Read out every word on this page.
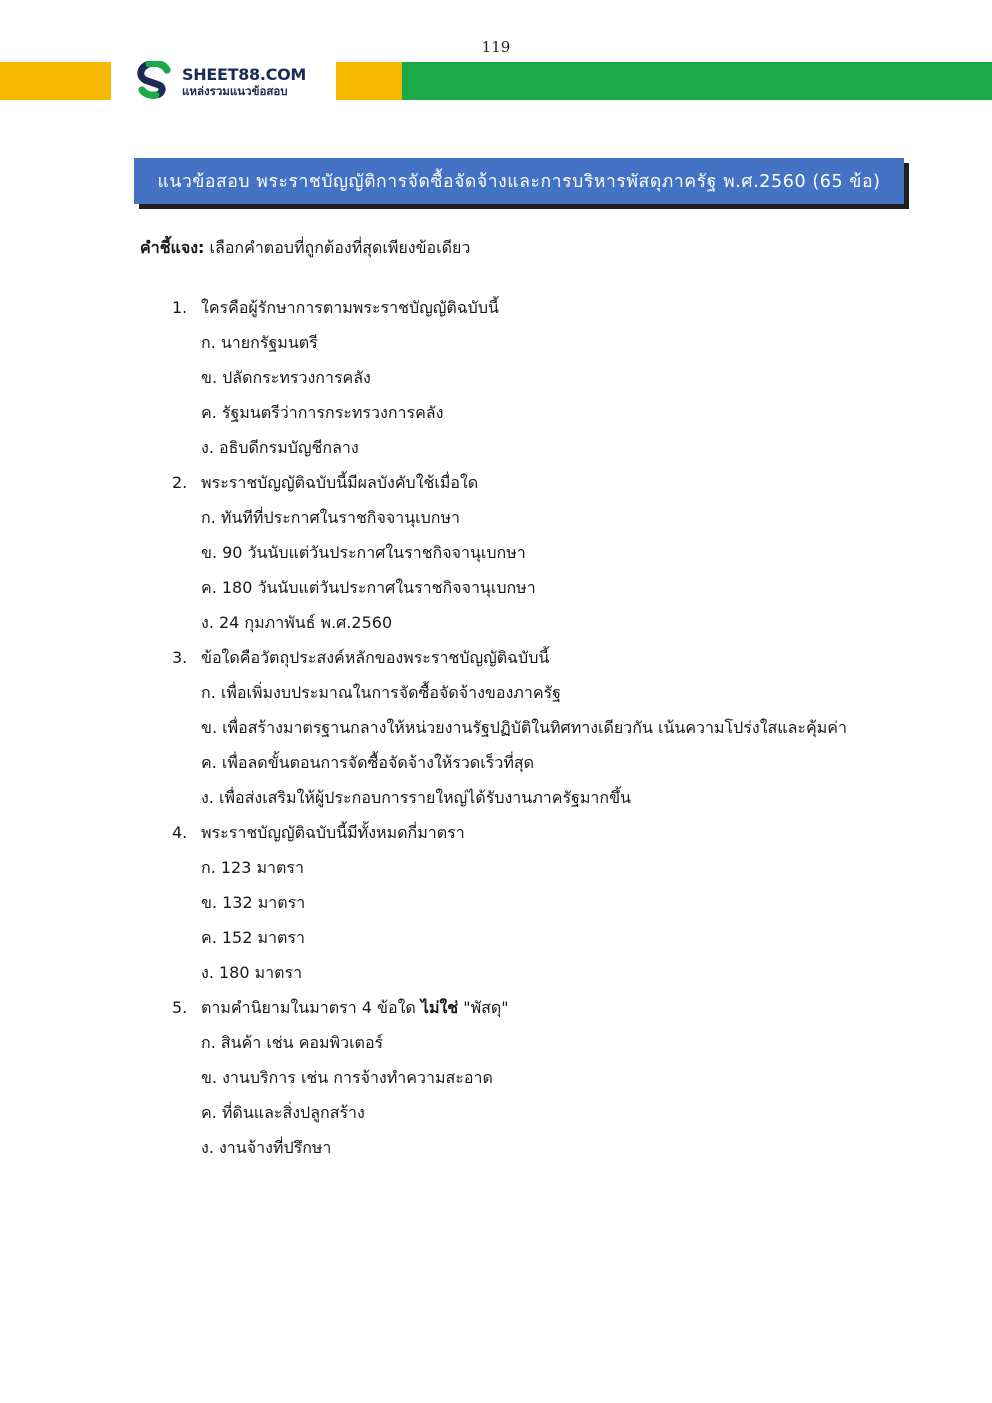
119
SHEET88.COM
แหล่งรวมแนวข้อสอบ
แนวข้อสอบ พระราชบัญญัติการจัดซื้อจัดจ้างและการบริหารพัสดุภาครัฐ พ.ศ.2560 (65 ข้อ)
คำชี้แจง: เลือกคำตอบที่ถูกต้องที่สุดเพียงข้อเดียว
1. ใครคือผู้รักษาการตามพระราชบัญญัติฉบับนี้
ก. นายกรัฐมนตรี
ข. ปลัดกระทรวงการคลัง
ค. รัฐมนตรีว่าการกระทรวงการคลัง
ง. อธิบดีกรมบัญชีกลาง
2. พระราชบัญญัติฉบับนี้มีผลบังคับใช้เมื่อใด
ก. ทันทีที่ประกาศในราชกิจจานุเบกษา
ข. 90 วันนับแต่วันประกาศในราชกิจจานุเบกษา
ค. 180 วันนับแต่วันประกาศในราชกิจจานุเบกษา
ง. 24 กุมภาพันธ์ พ.ศ.2560
3. ข้อใดคือวัตถุประสงค์หลักของพระราชบัญญัติฉบับนี้
ก. เพื่อเพิ่มงบประมาณในการจัดซื้อจัดจ้างของภาครัฐ
ข. เพื่อสร้างมาตรฐานกลางให้หน่วยงานรัฐปฏิบัติในทิศทางเดียวกัน เน้นความโปร่งใสและคุ้มค่า
ค. เพื่อลดขั้นตอนการจัดซื้อจัดจ้างให้รวดเร็วที่สุด
ง. เพื่อส่งเสริมให้ผู้ประกอบการรายใหญ่ได้รับงานภาครัฐมากขึ้น
4. พระราชบัญญัติฉบับนี้มีทั้งหมดกี่มาตรา
ก. 123 มาตรา
ข. 132 มาตรา
ค. 152 มาตรา
ง. 180 มาตรา
5. ตามคำนิยามในมาตรา 4 ข้อใด ไม่ใช่ "พัสดุ"
ก. สินค้า เช่น คอมพิวเตอร์
ข. งานบริการ เช่น การจ้างทำความสะอาด
ค. ที่ดินและสิ่งปลูกสร้าง
ง. งานจ้างที่ปรึกษา
